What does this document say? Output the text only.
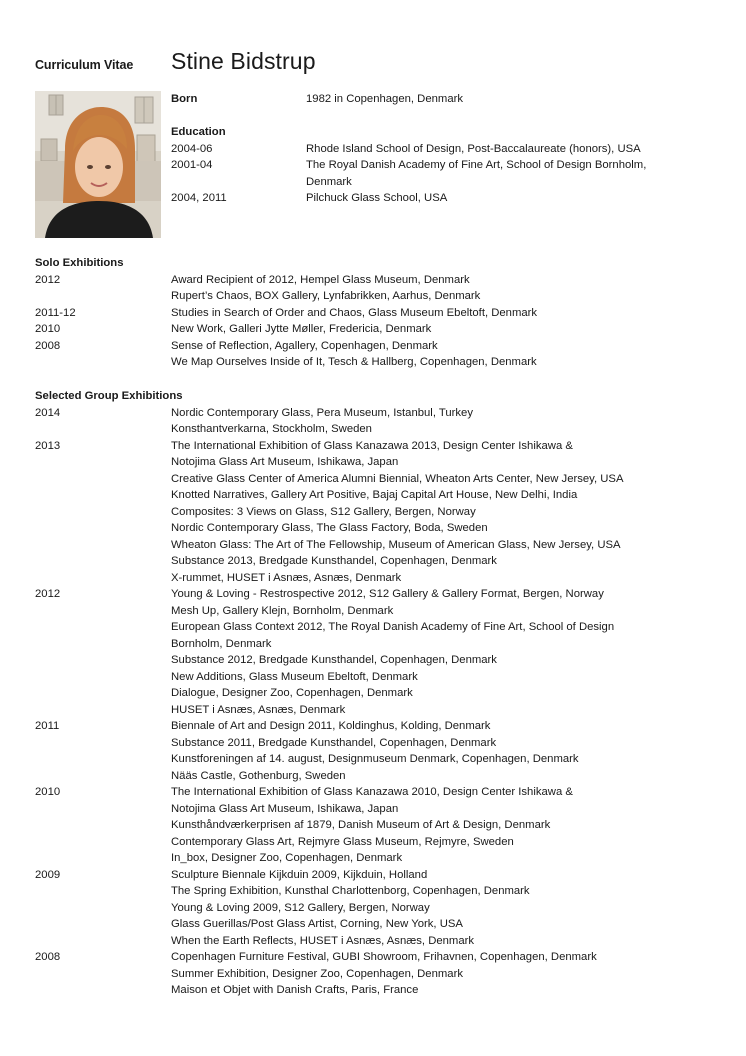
Curriculum Vitae Stine Bidstrup
Born	1982 in Copenhagen, Denmark
Education
2004-06	Rhode Island School of Design, Post-Baccalaureate (honors), USA
2001-04	The Royal Danish Academy of Fine Art, School of Design Bornholm,
Denmark
2004, 2011	Pilchuck Glass School, USA
Solo Exhibitions
2012	Award Recipient of 2012, Hempel Glass Museum, Denmark
Rupert’s Chaos, BOX Gallery, Lynfabrikken, Aarhus, Denmark
2011-12	Studies in Search of Order and Chaos, Glass Museum Ebeltoft, Denmark
2010	New Work, Galleri Jytte Møller, Fredericia, Denmark
2008	Sense of Reflection, Agallery, Copenhagen, Denmark
We Map Ourselves Inside of It, Tesch & Hallberg, Copenhagen, Denmark
Selected Group Exhibitions
2014	Nordic Contemporary Glass, Pera Museum, Istanbul, Turkey
Konsthantverkarna, Stockholm, Sweden
2013	The International Exhibition of Glass Kanazawa 2013, Design Center Ishikawa &
Notojima Glass Art Museum, Ishikawa, Japan
Creative Glass Center of America Alumni Biennial, Wheaton Arts Center, New Jersey, USA
Knotted Narratives, Gallery Art Positive, Bajaj Capital Art House, New Delhi, India
Composites: 3 Views on Glass, S12 Gallery, Bergen, Norway
Nordic Contemporary Glass, The Glass Factory, Boda, Sweden
Wheaton Glass: The Art of The Fellowship, Museum of American Glass, New Jersey, USA
Substance 2013, Bredgade Kunsthandel, Copenhagen, Denmark
X-rummet, HUSET i Asnæs, Asnæs, Denmark
2012	Young & Loving - Restrospective 2012, S12 Gallery & Gallery Format, Bergen, Norway
Mesh Up, Gallery Klejn, Bornholm, Denmark
European Glass Context 2012, The Royal Danish Academy of Fine Art, School of Design
Bornholm, Denmark
Substance 2012, Bredgade Kunsthandel, Copenhagen, Denmark
New Additions, Glass Museum Ebeltoft, Denmark
Dialogue, Designer Zoo, Copenhagen, Denmark
HUSET i Asnæs, Asnæs, Denmark
2011	Biennale of Art and Design 2011, Koldinghus, Kolding, Denmark
Substance 2011, Bredgade Kunsthandel, Copenhagen, Denmark
Kunstforeningen af 14. august, Designmuseum Denmark, Copenhagen, Denmark
Nääs Castle, Gothenburg, Sweden
2010	The International Exhibition of Glass Kanazawa 2010, Design Center Ishikawa &
Notojima Glass Art Museum, Ishikawa, Japan
Kunsthåndværkerprisen af 1879, Danish Museum of Art & Design, Denmark
Contemporary Glass Art, Rejmyre Glass Museum, Rejmyre, Sweden
In_box, Designer Zoo, Copenhagen, Denmark
2009	Sculpture Biennale Kijkduin 2009, Kijkduin, Holland
The Spring Exhibition, Kunsthal Charlottenborg, Copenhagen, Denmark
Young & Loving 2009, S12 Gallery, Bergen, Norway
Glass Guerillas/Post Glass Artist, Corning, New York, USA
When the Earth Reflects, HUSET i Asnæs, Asnæs, Denmark
2008	Copenhagen Furniture Festival, GUBI Showroom, Frihavnen, Copenhagen, Denmark
Summer Exhibition, Designer Zoo, Copenhagen, Denmark
Maison et Objet with Danish Crafts, Paris, France
